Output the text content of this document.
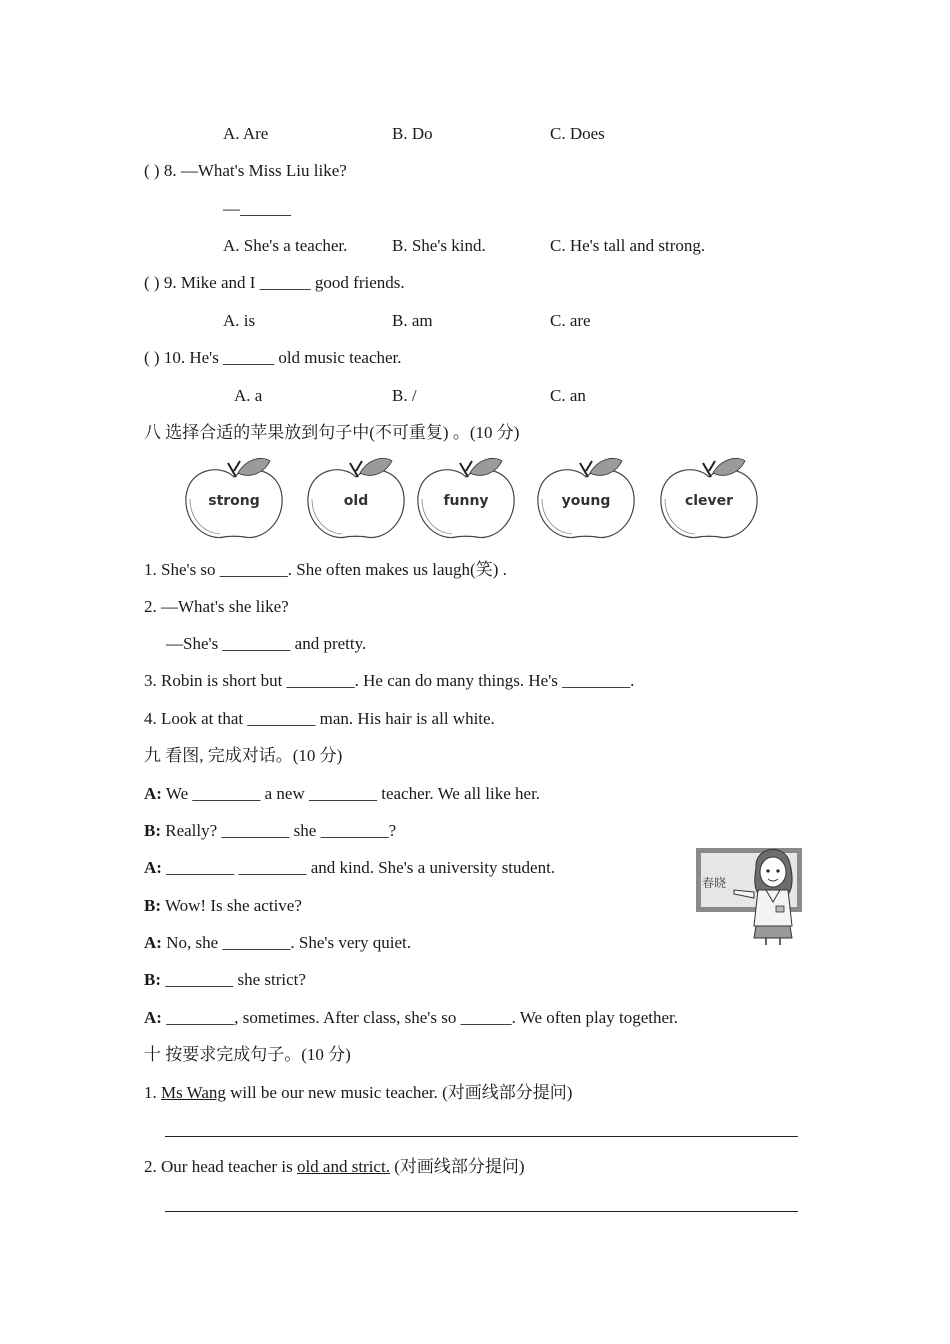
A. Are	B. Do	C. Does
( ) 8. —What's Miss Liu like?
—______
A. She's a teacher.	B. She's kind.	C. He's tall and strong.
( ) 9. Mike and I ______ good friends.
A. is	B. am	C. are
( ) 10. He's ______ old music teacher.
A. a	B. /	C. an
八 选择合适的苹果放到句子中(不可重复) 。(10 分)
strong	old	funny	young	clever
1. She's so ________. She often makes us laugh(笑) .
2. —What's she like?
—She's ________ and pretty.
3. Robin is short but ________. He can do many things. He's ________.
4. Look at that ________ man. His hair is all white.
九 看图, 完成对话。(10 分)
A: We ________ a new ________ teacher. We all like her.
B: Really? ________ she ________?
A: ________ ________ and kind. She's a university student.
B: Wow! Is she active?
A: No, she ________. She's very quiet.
B: ________ she strict?
A: ________, sometimes. After class, she's so ______. We often play together.
春晓
十 按要求完成句子。(10 分)
1. Ms Wang will be our new music teacher. (对画线部分提问)
2. Our head teacher is old and strict. (对画线部分提问)
